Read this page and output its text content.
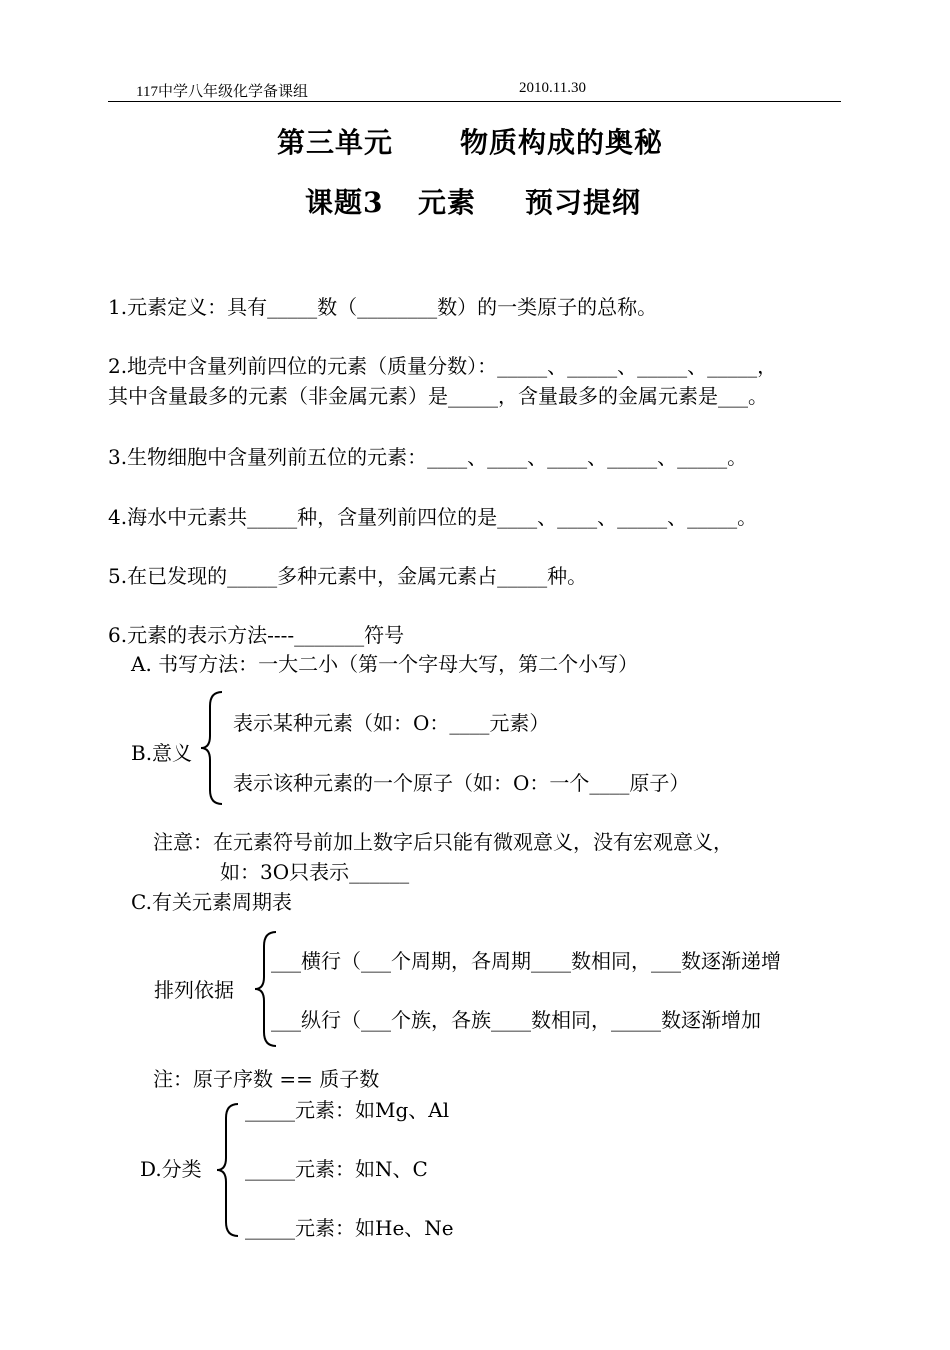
117中学八年级化学备课组	2010.11.30
第三单元 物质构成的奥秘
课题3 元素 预习提纲
1.元素定义：具有_____数（________数）的一类原子的总称。
2.地壳中含量列前四位的元素（质量分数）：_____、_____、_____、_____，
其中含量最多的元素（非金属元素）是_____，含量最多的金属元素是___。
3.生物细胞中含量列前五位的元素：____、____、____、_____、_____。
4.海水中元素共_____种，含量列前四位的是____、____、_____、_____。
5.在已发现的_____多种元素中，金属元素占_____种。
6.元素的表示方法----_______符号
A. 书写方法：一大二小（第一个字母大写，第二个小写）
B.意义
表示某种元素（如：O：____元素）
表示该种元素的一个原子（如：O：一个____原子）
注意：在元素符号前加上数字后只能有微观意义，没有宏观意义，
如：3O只表示______
C.有关元素周期表
排列依据
___横行（___个周期，各周期____数相同，___数逐渐递增
___纵行（___个族，各族____数相同，_____数逐渐增加
注：原子序数 == 质子数
D.分类
_____元素：如Mg、Al
_____元素：如N、C
_____元素：如He、Ne
